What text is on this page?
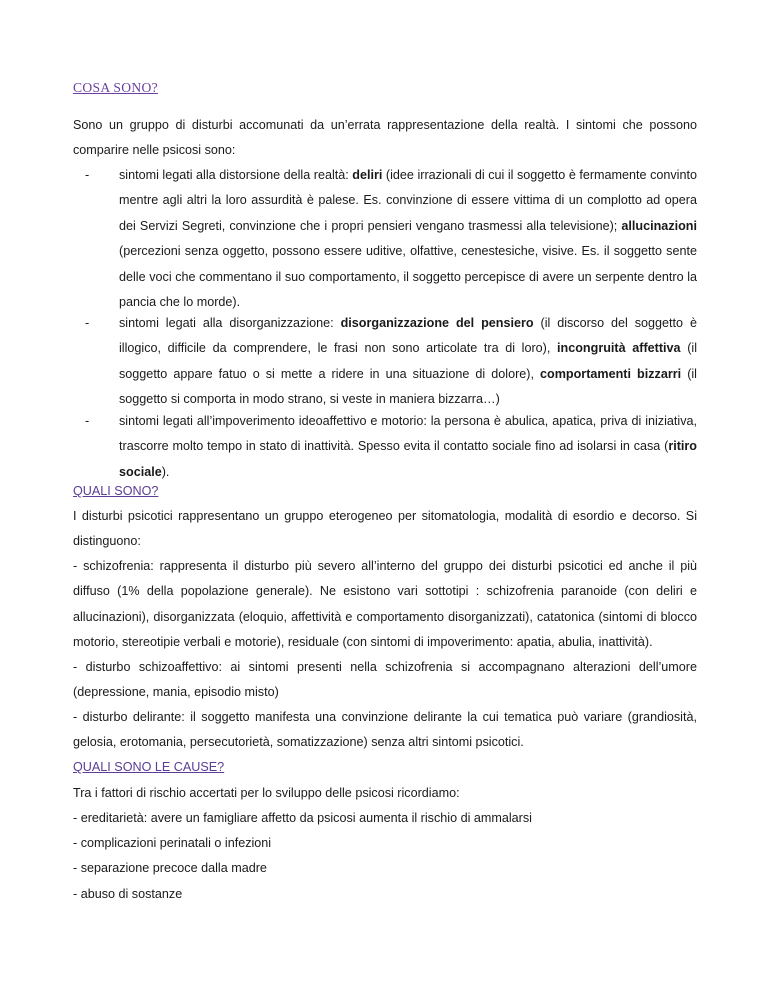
COSA SONO?
Sono un gruppo di disturbi accomunati da un’errata rappresentazione della realtà. I sintomi che possono comparire nelle psicosi sono:
- sintomi legati alla distorsione della realtà: deliri (idee irrazionali di cui il soggetto è fermamente convinto mentre agli altri la loro assurdità è palese. Es. convinzione di essere vittima di un complotto ad opera dei Servizi Segreti, convinzione che i propri pensieri vengano trasmessi alla televisione); allucinazioni (percezioni senza oggetto, possono essere uditive, olfattive, cenestesiche, visive. Es. il soggetto sente delle voci che commentano il suo comportamento, il soggetto percepisce di avere un serpente dentro la pancia che lo morde).

- sintomi legati alla disorganizzazione: disorganizzazione del pensiero (il discorso del soggetto è illogico, difficile da comprendere, le frasi non sono articolate tra di loro), incongruità affettiva (il soggetto appare fatuo o si mette a ridere in una situazione di dolore), comportamenti bizzarri (il soggetto si comporta in modo strano, si veste in maniera bizzarra…)

- sintomi legati all’impoverimento ideoaffettivo e motorio: la persona è abulica, apatica, priva di iniziativa, trascorre molto tempo in stato di inattività. Spesso evita il contatto sociale fino ad isolarsi in casa (ritiro sociale).

QUALI SONO?
I disturbi psicotici rappresentano un gruppo eterogeneo per sitomatologia, modalità di esordio e decorso. Si distinguono:
- schizofrenia: rappresenta il disturbo più severo all’interno del gruppo dei disturbi psicotici ed anche il più diffuso (1% della popolazione generale). Ne esistono vari sottotipi : schizofrenia paranoide (con deliri e allucinazioni), disorganizzata (eloquio, affettività e comportamento disorganizzati), catatonica (sintomi di blocco motorio, stereotipie verbali e motorie), residuale (con sintomi di impoverimento: apatia, abulia, inattività).
- disturbo schizoaffettivo: ai sintomi presenti nella schizofrenia si accompagnano alterazioni dell’umore (depressione, mania, episodio misto)
- disturbo delirante: il soggetto manifesta una convinzione delirante la cui tematica può variare (grandiosità, gelosia, erotomania, persecutorietà, somatizzazione) senza altri sintomi psicotici.
QUALI SONO LE CAUSE?
Tra i fattori di rischio accertati per lo sviluppo delle psicosi ricordiamo:
- ereditarietà: avere un famigliare affetto da psicosi aumenta il rischio di ammalarsi
- complicazioni perinatali o infezioni
- separazione precoce dalla madre
- abuso di sostanze
